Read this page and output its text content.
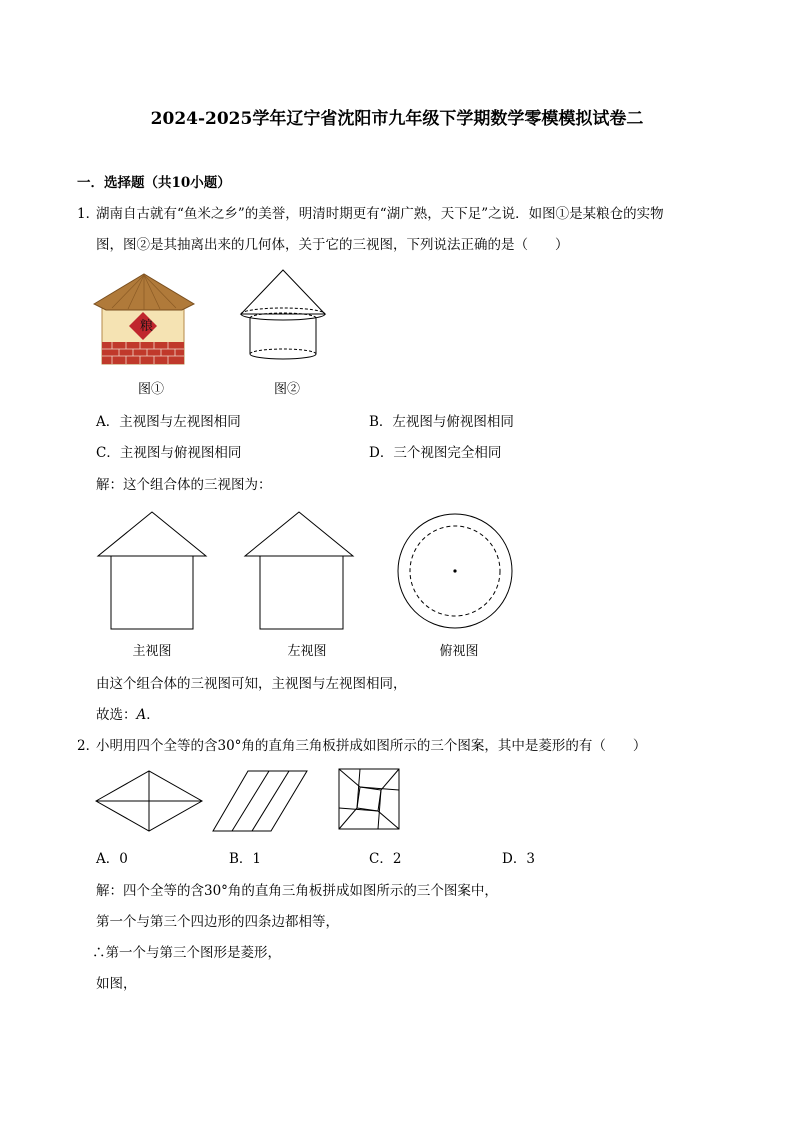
2024-2025学年辽宁省沈阳市九年级下学期数学零模模拟试卷二
一．选择题（共10小题）
1．
湖南自古就有“鱼米之乡”的美誉，明清时期更有“湖广熟，天下足”之说．如图①是某粮仓的实物
图，图②是其抽离出来的几何体，关于它的三视图，下列说法正确的是（　　）
粮
图①	图②
A．主视图与左视图相同	B．左视图与俯视图相同
C．主视图与俯视图相同	D．三个视图完全相同
解：这个组合体的三视图为：
主视图	左视图	俯视图
由这个组合体的三视图可知，主视图与左视图相同，
故选：A．
2．
小明用四个全等的含30°角的直角三角板拼成如图所示的三个图案，其中是菱形的有（　　）
A．0	B．1	C．2	D．3
解：四个全等的含30°角的直角三角板拼成如图所示的三个图案中，
第一个与第三个四边形的四条边都相等，
∴第一个与第三个图形是菱形，
如图，
